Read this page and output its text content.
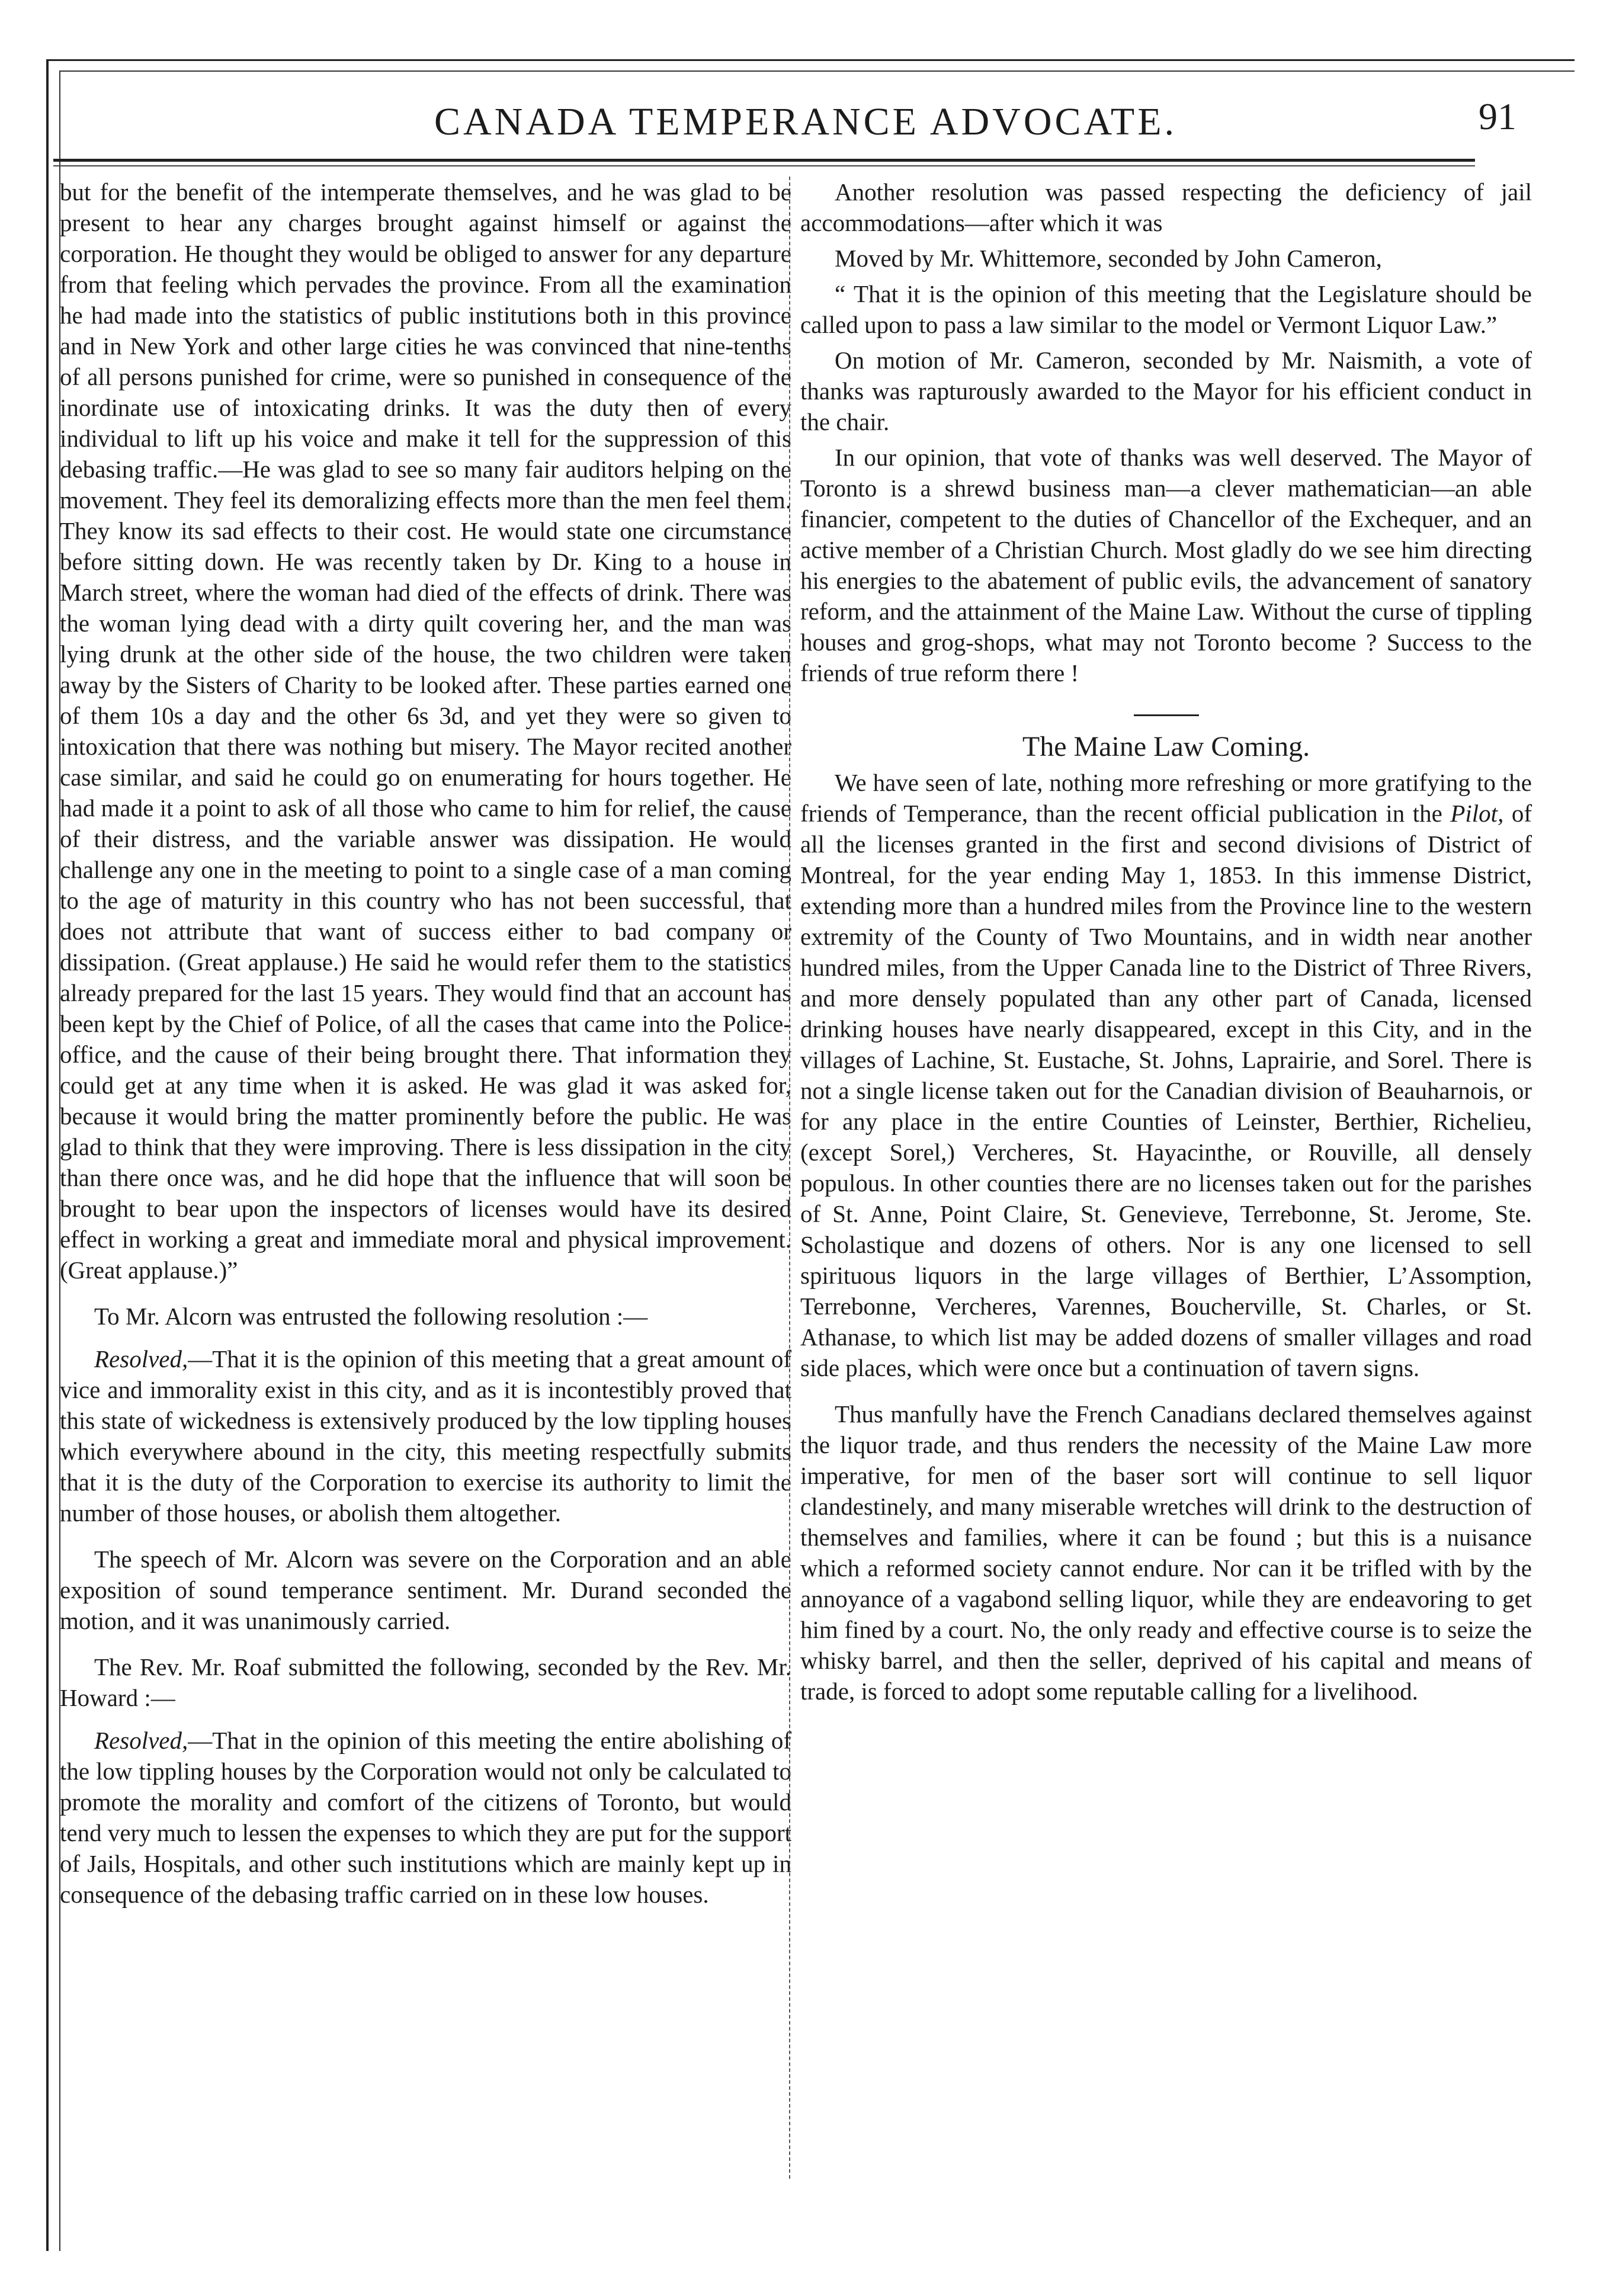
CANADA TEMPERANCE ADVOCATE.	91

but for the benefit of the intemperate themselves, and he was glad to be present to hear any charges brought against himself or against the corporation. He thought they would be obliged to answer for any departure from that feeling which pervades the province. From all the examination he had made into the statistics of public institutions both in this province and in New York and other large cities he was convinced that nine-tenths of all persons punished for crime, were so punished in consequence of the inordinate use of intoxicating drinks. It was the duty then of every individual to lift up his voice and make it tell for the suppression of this debasing traffic.—He was glad to see so many fair auditors helping on the movement. They feel its demoralizing effects more than the men feel them. They know its sad effects to their cost. He would state one circumstance before sitting down. He was recently taken by Dr. King to a house in March street, where the woman had died of the effects of drink. There was the woman lying dead with a dirty quilt covering her, and the man was lying drunk at the other side of the house, the two children were taken away by the Sisters of Charity to be looked after. These parties earned one of them 10s a day and the other 6s 3d, and yet they were so given to intoxication that there was nothing but misery. The Mayor recited another case similar, and said he could go on enumerating for hours together. He had made it a point to ask of all those who came to him for relief, the cause of their distress, and the variable answer was dissipation. He would challenge any one in the meeting to point to a single case of a man coming to the age of maturity in this country who has not been successful, that does not attribute that want of success either to bad company or dissipation. (Great applause.) He said he would refer them to the statistics already prepared for the last 15 years. They would find that an account has been kept by the Chief of Police, of all the cases that came into the Police-office, and the cause of their being brought there. That information they could get at any time when it is asked. He was glad it was asked for, because it would bring the matter prominently before the public. He was glad to think that they were improving. There is less dissipation in the city than there once was, and he did hope that the influence that will soon be brought to bear upon the inspectors of licenses would have its desired effect in working a great and immediate moral and physical improvement. (Great applause.)”

To Mr. Alcorn was entrusted the following resolution :—

Resolved,—That it is the opinion of this meeting that a great amount of vice and immorality exist in this city, and as it is incontestibly proved that this state of wickedness is extensively produced by the low tippling houses which everywhere abound in the city, this meeting respectfully submits that it is the duty of the Corporation to exercise its authority to limit the number of those houses, or abolish them altogether.

The speech of Mr. Alcorn was severe on the Corporation and an able exposition of sound temperance sentiment. Mr. Durand seconded the motion, and it was unanimously carried.

The Rev. Mr. Roaf submitted the following, seconded by the Rev. Mr. Howard :—

Resolved,—That in the opinion of this meeting the entire abolishing of the low tippling houses by the Corporation would not only be calculated to promote the morality and comfort of the citizens of Toronto, but would tend very much to lessen the expenses to which they are put for the support of Jails, Hospitals, and other such institutions which are mainly kept up in consequence of the debasing traffic carried on in these low houses.

Another resolution was passed respecting the deficiency of jail accommodations—after which it was

Moved by Mr. Whittemore, seconded by John Cameron,

“ That it is the opinion of this meeting that the Legislature should be called upon to pass a law similar to the model or Vermont Liquor Law.”

On motion of Mr. Cameron, seconded by Mr. Naismith, a vote of thanks was rapturously awarded to the Mayor for his efficient conduct in the chair.

In our opinion, that vote of thanks was well deserved. The Mayor of Toronto is a shrewd business man—a clever mathematician—an able financier, competent to the duties of Chancellor of the Exchequer, and an active member of a Christian Church. Most gladly do we see him directing his energies to the abatement of public evils, the advancement of sanatory reform, and the attainment of the Maine Law. Without the curse of tippling houses and grog-shops, what may not Toronto become ? Success to the friends of true reform there !

The Maine Law Coming.

We have seen of late, nothing more refreshing or more gratifying to the friends of Temperance, than the recent official publication in the Pilot, of all the licenses granted in the first and second divisions of District of Montreal, for the year ending May 1, 1853. In this immense District, extending more than a hundred miles from the Province line to the western extremity of the County of Two Mountains, and in width near another hundred miles, from the Upper Canada line to the District of Three Rivers, and more densely populated than any other part of Canada, licensed drinking houses have nearly disappeared, except in this City, and in the villages of Lachine, St. Eustache, St. Johns, Laprairie, and Sorel. There is not a single license taken out for the Canadian division of Beauharnois, or for any place in the entire Counties of Leinster, Berthier, Richelieu, (except Sorel,) Vercheres, St. Hayacinthe, or Rouville, all densely populous. In other counties there are no licenses taken out for the parishes of St. Anne, Point Claire, St. Genevieve, Terrebonne, St. Jerome, Ste. Scholastique and dozens of others. Nor is any one licensed to sell spirituous liquors in the large villages of Berthier, L’Assomption, Terrebonne, Vercheres, Varennes, Boucherville, St. Charles, or St. Athanase, to which list may be added dozens of smaller villages and road side places, which were once but a continuation of tavern signs.

Thus manfully have the French Canadians declared themselves against the liquor trade, and thus renders the necessity of the Maine Law more imperative, for men of the baser sort will continue to sell liquor clandestinely, and many miserable wretches will drink to the destruction of themselves and families, where it can be found ; but this is a nuisance which a reformed society cannot endure. Nor can it be trifled with by the annoyance of a vagabond selling liquor, while they are endeavoring to get him fined by a court. No, the only ready and effective course is to seize the whisky barrel, and then the seller, deprived of his capital and means of trade, is forced to adopt some reputable calling for a livelihood.
